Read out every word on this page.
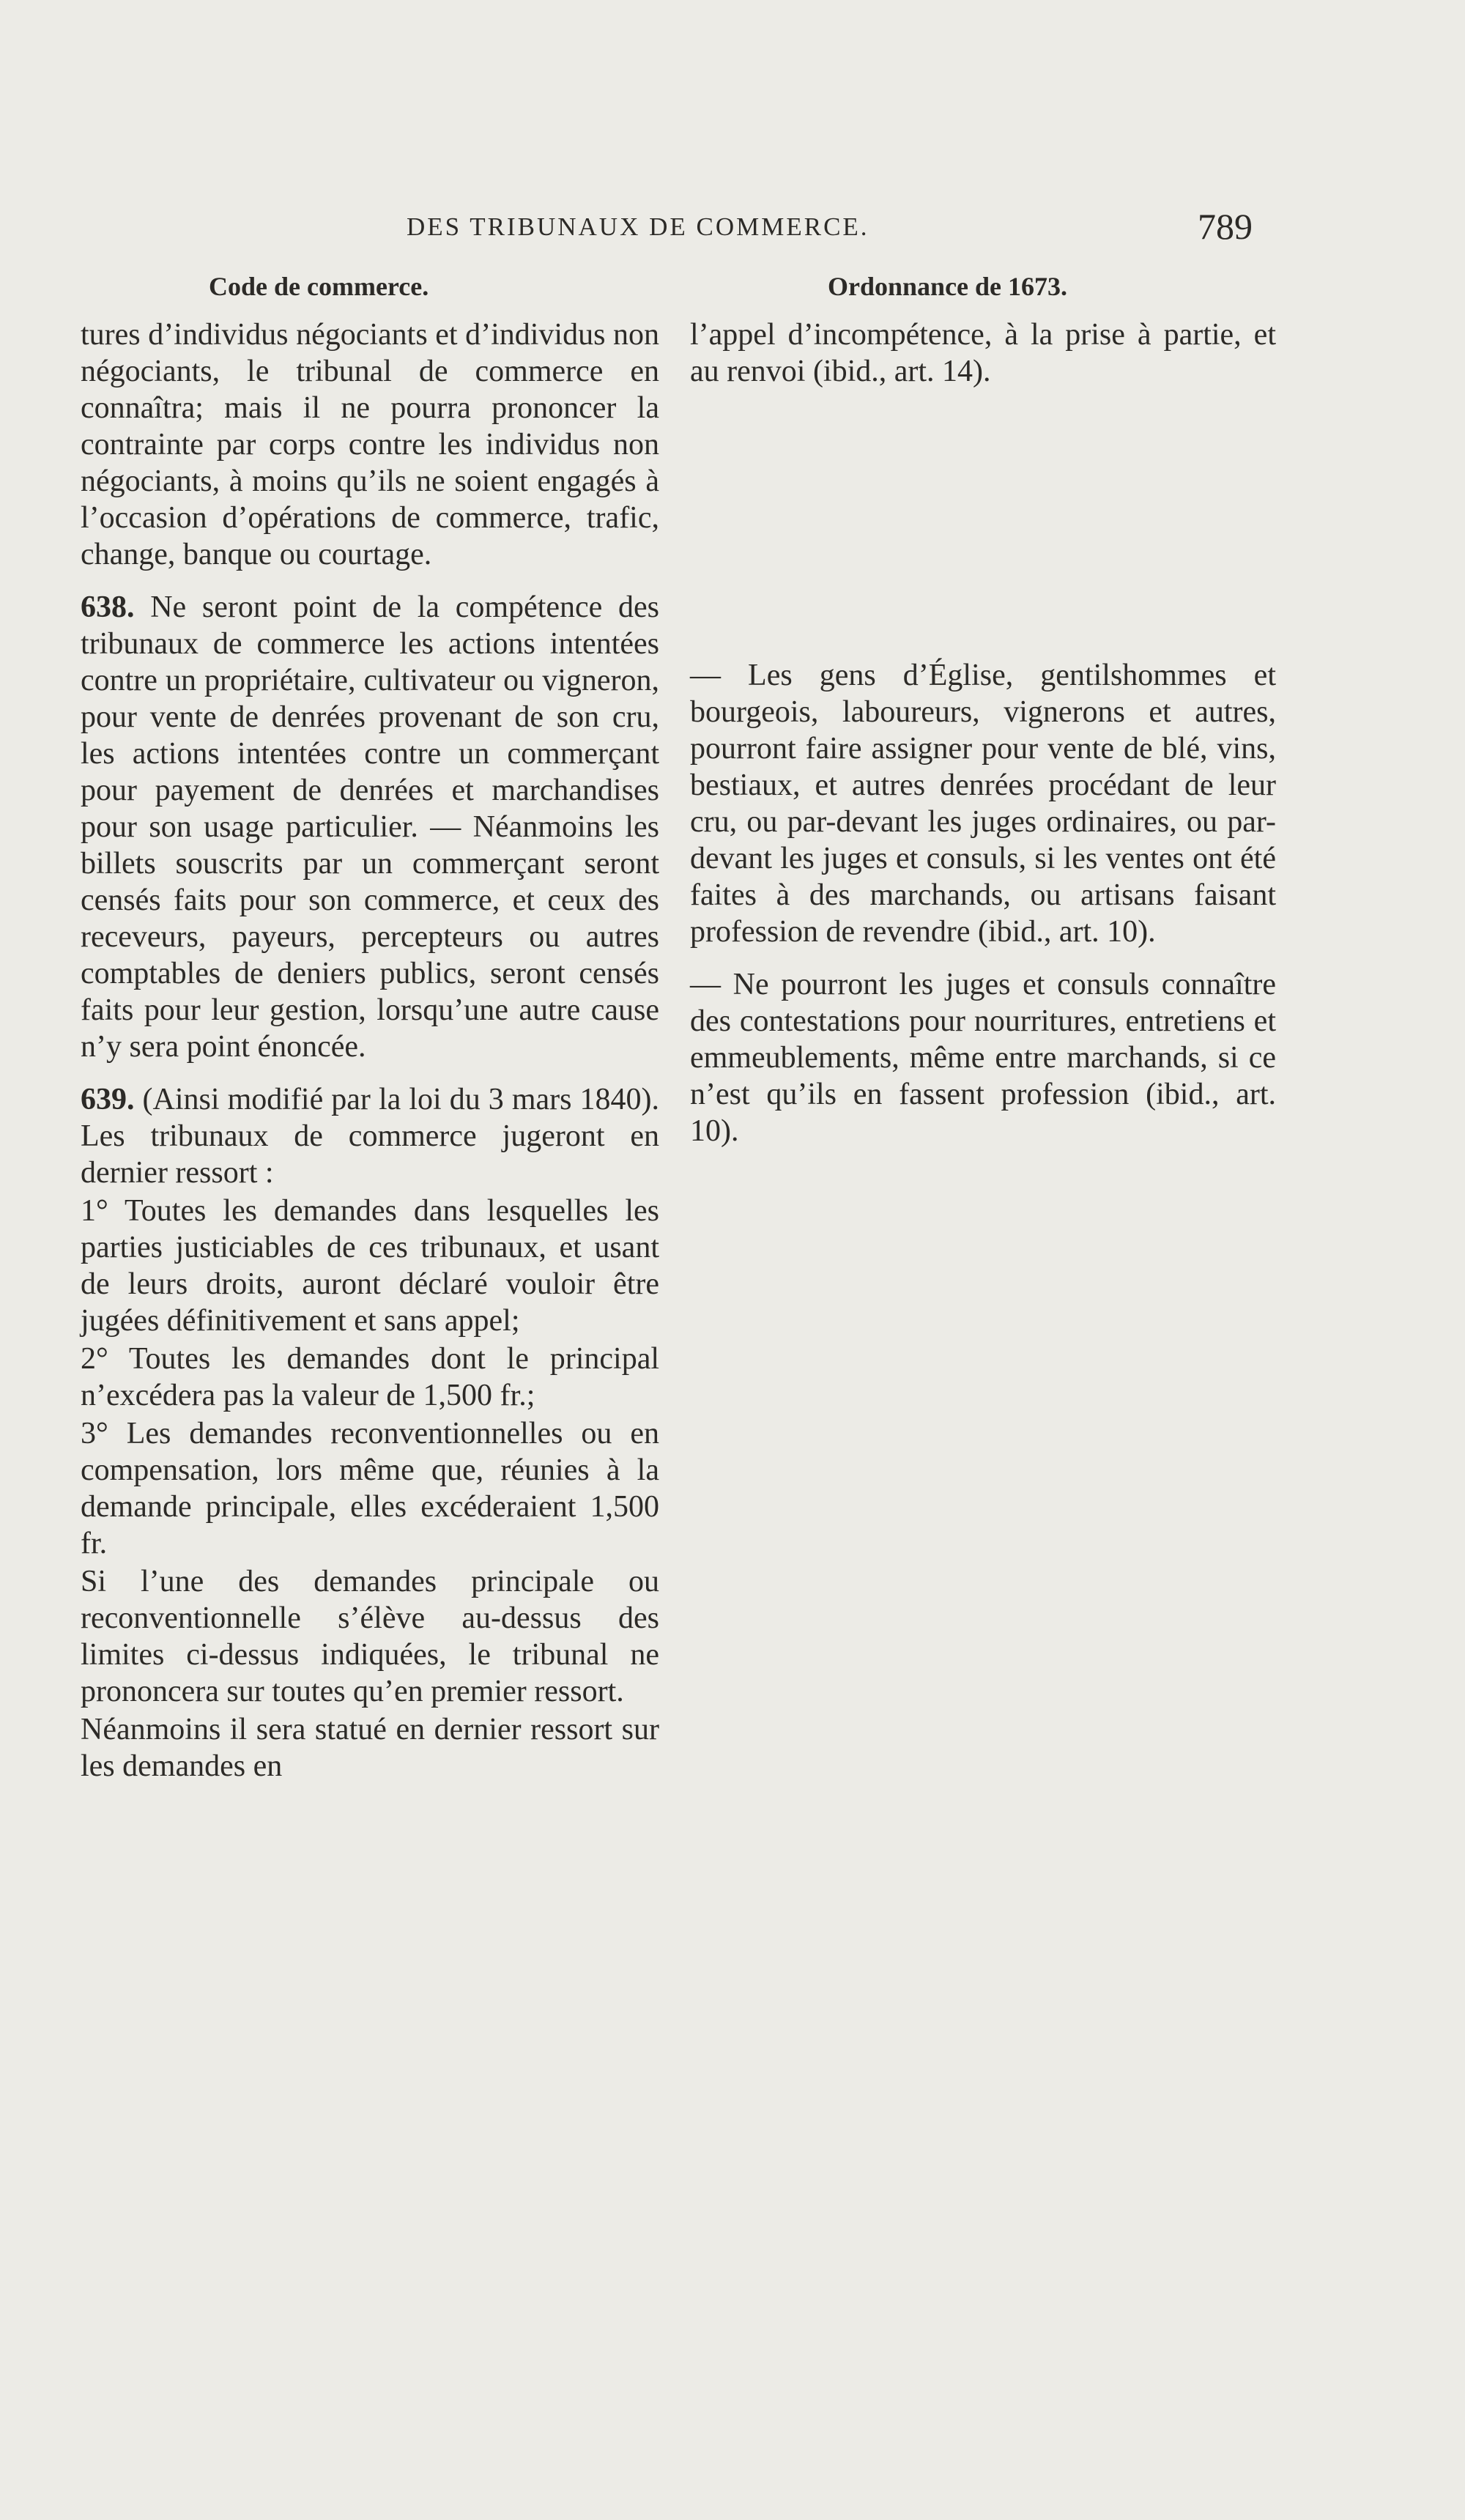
DES TRIBUNAUX DE COMMERCE.	789
Code de commerce.	Ordonnance de 1673.

tures d’individus négociants et d’individus non négociants, le tribunal de commerce en connaîtra; mais il ne pourra prononcer la contrainte par corps contre les individus non négociants, à moins qu’ils ne soient engagés à l’occasion d’opérations de commerce, trafic, change, banque ou courtage.

638. Ne seront point de la compétence des tribunaux de commerce les actions intentées contre un propriétaire, cultivateur ou vigneron, pour vente de denrées provenant de son cru, les actions intentées contre un commerçant pour payement de denrées et marchandises pour son usage particulier. — Néanmoins les billets souscrits par un commerçant seront censés faits pour son commerce, et ceux des receveurs, payeurs, percepteurs ou autres comptables de deniers publics, seront censés faits pour leur gestion, lorsqu’une autre cause n’y sera point énoncée.

639. (Ainsi modifié par la loi du 3 mars 1840). Les tribunaux de commerce jugeront en dernier ressort :

1° Toutes les demandes dans lesquelles les parties justiciables de ces tribunaux, et usant de leurs droits, auront déclaré vouloir être jugées définitivement et sans appel;

2° Toutes les demandes dont le principal n’excédera pas la valeur de 1,500 fr.;

3° Les demandes reconventionnelles ou en compensation, lors même que, réunies à la demande principale, elles excéderaient 1,500 fr.

Si l’une des demandes principale ou reconventionnelle s’élève au-dessus des limites ci-dessus indiquées, le tribunal ne prononcera sur toutes qu’en premier ressort.

Néanmoins il sera statué en dernier ressort sur les demandes en

l’appel d’incompétence, à la prise à partie, et au renvoi (ibid., art. 14).

— Les gens d’Église, gentilshommes et bourgeois, laboureurs, vignerons et autres, pourront faire assigner pour vente de blé, vins, bestiaux, et autres denrées procédant de leur cru, ou par-devant les juges ordinaires, ou par-devant les juges et consuls, si les ventes ont été faites à des marchands, ou artisans faisant profession de revendre (ibid., art. 10).

— Ne pourront les juges et consuls connaître des contestations pour nourritures, entretiens et emmeublements, même entre marchands, si ce n’est qu’ils en fassent profession (ibid., art. 10).
